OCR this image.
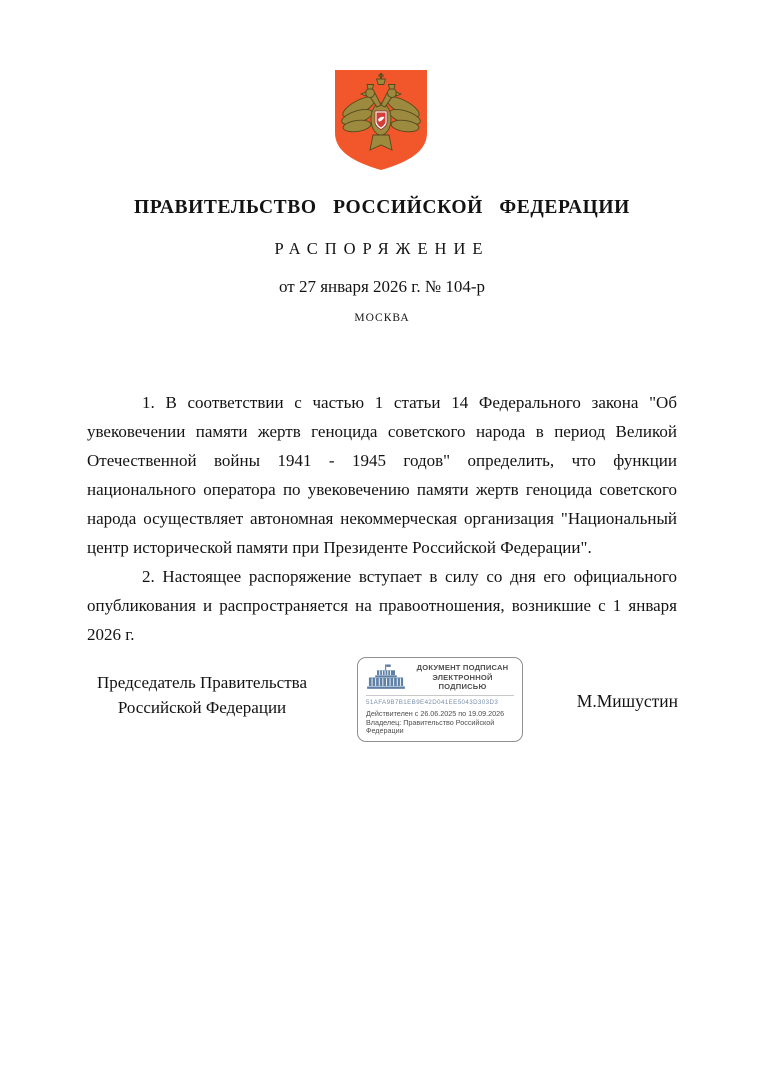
ПРАВИТЕЛЬСТВО РОССИЙСКОЙ ФЕДЕРАЦИИ
РАСПОРЯЖЕНИЕ
от 27 января 2026 г. № 104-р
МОСКВА

1. В соответствии с частью 1 статьи 14 Федерального закона "Об увековечении памяти жертв геноцида советского народа в период Великой Отечественной войны 1941 - 1945 годов" определить, что функции национального оператора по увековечению памяти жертв геноцида советского народа осуществляет автономная некоммерческая организация "Национальный центр исторической памяти при Президенте Российской Федерации".

2. Настоящее распоряжение вступает в силу со дня его официального опубликования и распространяется на правоотношения, возникшие с 1 января 2026 г.

Председатель Правительства
Российской Федерации
ДОКУМЕНТ ПОДПИСАН
ЭЛЕКТРОННОЙ ПОДПИСЬЮ
51AFA9B7B1EB9E42D041EE5043D303D3
Действителен с 26.06.2025 по 19.09.2026
Владелец: Правительство Российской
Федерации
М.Мишустин
